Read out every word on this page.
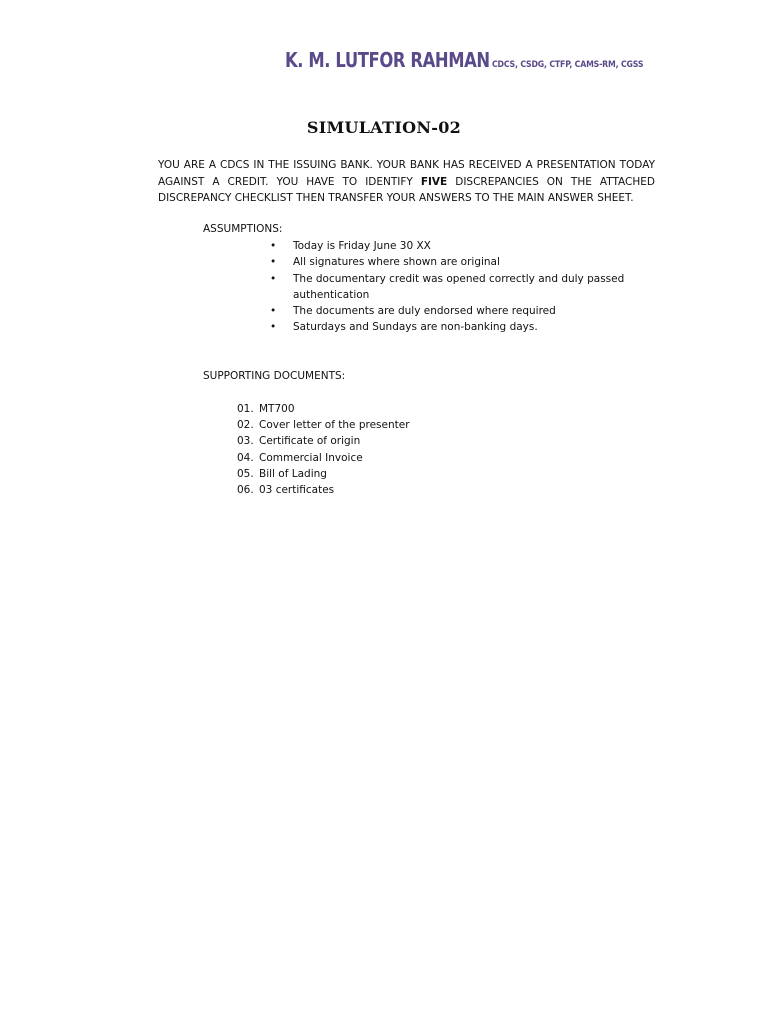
K. M. LUTFOR RAHMAN CDCS, CSDG, CTFP, CAMS-RM, CGSS
SIMULATION-02
YOU ARE A CDCS IN THE ISSUING BANK. YOUR BANK HAS RECEIVED A PRESENTATION TODAY AGAINST A CREDIT. YOU HAVE TO IDENTIFY FIVE DISCREPANCIES ON THE ATTACHED DISCREPANCY CHECKLIST THEN TRANSFER YOUR ANSWERS TO THE MAIN ANSWER SHEET.
ASSUMPTIONS:
• Today is Friday June 30 XX
• All signatures where shown are original
• The documentary credit was opened correctly and duly passed authentication
• The documents are duly endorsed where required
• Saturdays and Sundays are non-banking days.
SUPPORTING DOCUMENTS:
01. MT700
02. Cover letter of the presenter
03. Certificate of origin
04. Commercial Invoice
05. Bill of Lading
06. 03 certificates
